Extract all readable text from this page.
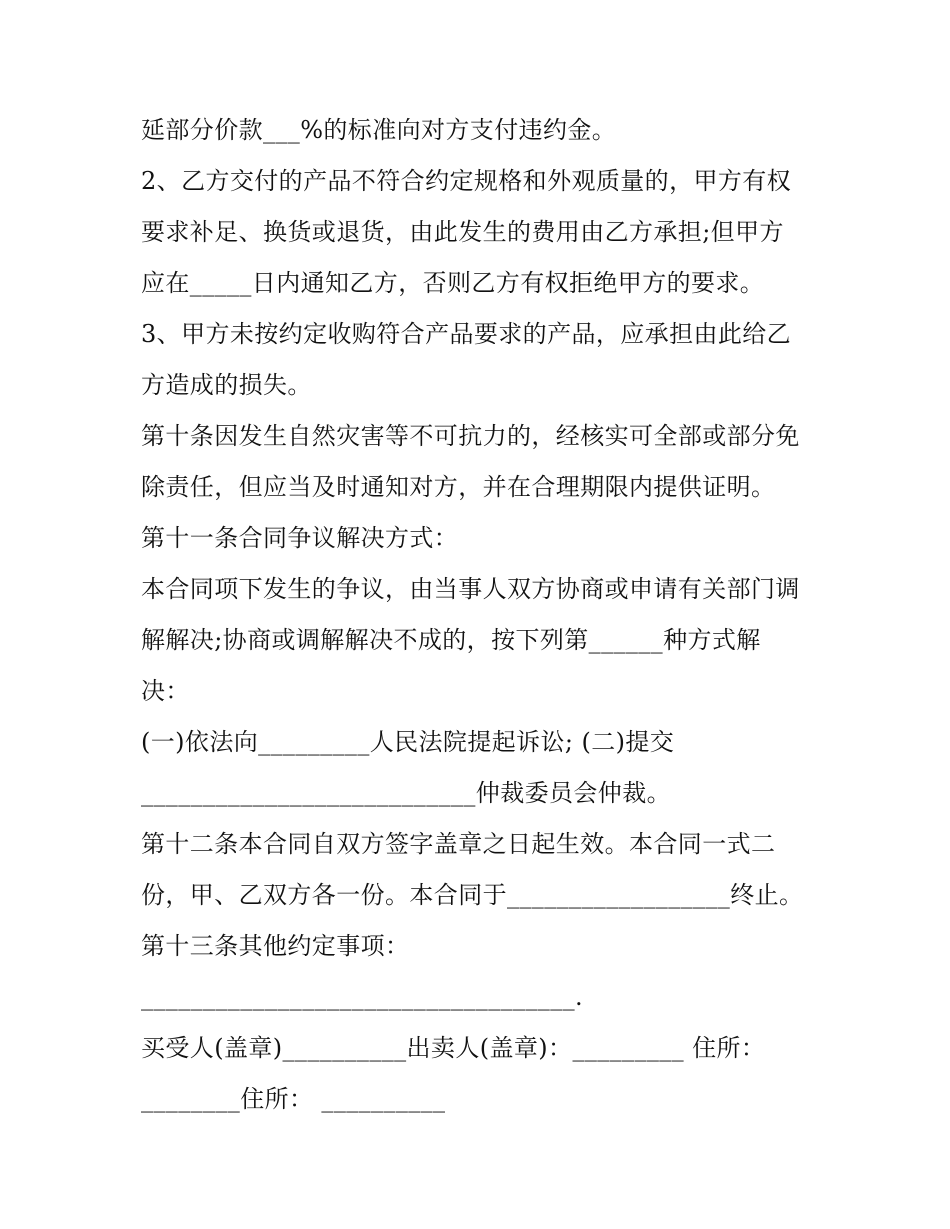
延部分价款___%的标准向对方支付违约金。
2、乙方交付的产品不符合约定规格和外观质量的，甲方有权
要求补足、换货或退货，由此发生的费用由乙方承担;但甲方
应在_____日内通知乙方，否则乙方有权拒绝甲方的要求。
3、甲方未按约定收购符合产品要求的产品，应承担由此给乙
方造成的损失。
第十条因发生自然灾害等不可抗力的，经核实可全部或部分免
除责任，但应当及时通知对方，并在合理期限内提供证明。
第十一条合同争议解决方式：
本合同项下发生的争议，由当事人双方协商或申请有关部门调
解解决;协商或调解解决不成的，按下列第______种方式解
决：
(一)依法向_________人民法院提起诉讼; (二)提交
___________________________仲裁委员会仲裁。
第十二条本合同自双方签字盖章之日起生效。本合同一式二
份，甲、乙双方各一份。本合同于__________________终止。
第十三条其他约定事项：
___________________________________.
买受人(盖章)__________出卖人(盖章)：_________ 住所：
________住所： __________
